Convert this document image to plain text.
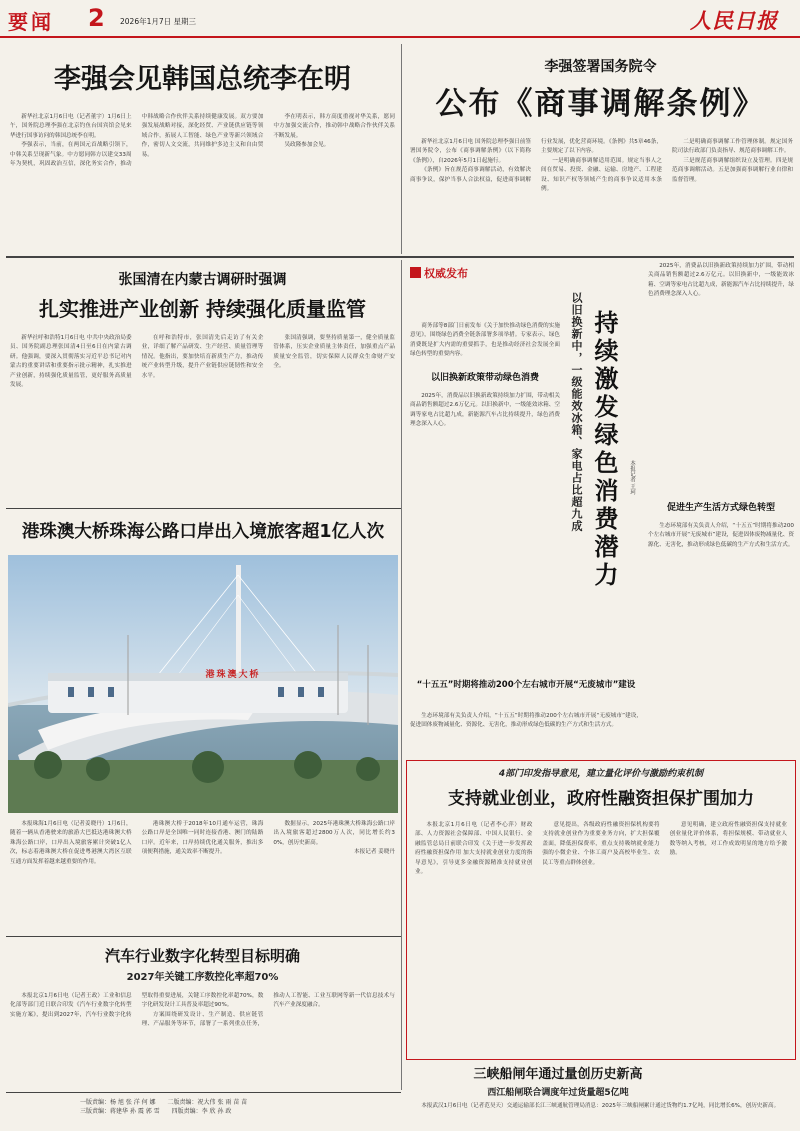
要闻	2	2026年1月7日 星期三	人民日报
李强会见韩国总统李在明

新华社北京1月6日电（记者董宇）1月6日上午，国务院总理李强在北京钓鱼台国宾馆会见来华进行国事访问的韩国总统李在明。

李强表示，当前，在两国元首战略引领下，中韩关系呈现新气象。中方愿同韩方以建交33周年为契机，巩固政治互信，深化务实合作，推动中韩战略合作伙伴关系持续健康发展。双方要加强发展战略对接，深化经贸、产业链供应链等领域合作，拓展人工智能、绿色产业等新兴领域合作，密切人文交流，共同维护多边主义和自由贸易。

李在明表示，韩方高度重视对华关系，愿同中方加强交流合作，推动韩中战略合作伙伴关系不断发展。

吴政隆参加会见。

李强签署国务院令
公布《商事调解条例》

新华社北京1月6日电 国务院总理李强日前签署国务院令，公布《商事调解条例》（以下简称《条例》），自2026年5月1日起施行。

《条例》旨在规范商事调解活动，有效解决商事争议，保护当事人合法权益，促进商事调解行业发展，优化营商环境。《条例》共5章46条，主要规定了以下内容。

一是明确商事调解适用范围。规定当事人之间在贸易、投资、金融、运输、房地产、工程建设、知识产权等领域产生的商事争议适用本条例。

二是明确商事调解工作管理体制。规定国务院司法行政部门负责指导、规范商事调解工作。

三是规范商事调解组织设立及管理。四是规范商事调解活动。五是加强商事调解行业自律和监督管理。

张国清在内蒙古调研时强调
扎实推进产业创新 持续强化质量监管

新华社呼和浩特1月6日电 中共中央政治局委员、国务院副总理张国清4日至6日在内蒙古调研。他强调，要深入贯彻落实习近平总书记对内蒙古的重要讲话和重要指示批示精神，扎实推进产业创新，持续强化质量监管，更好服务高质量发展。

在呼和浩特市，张国清先后走访了有关企业，详细了解产品研发、生产经营、质量管理等情况。他指出，要加快培育新质生产力，推动传统产业转型升级，提升产业链供应链韧性和安全水平。

张国清强调，要坚持质量第一，健全质量监管体系，压实企业质量主体责任，加强重点产品质量安全监管，切实保障人民群众生命财产安全。

港珠澳大桥珠海公路口岸出入境旅客超1亿人次
港珠澳大桥

本报珠海1月6日电（记者姜晓丹）1月6日，随着一辆从香港驶来的旅游大巴抵达港珠澳大桥珠海公路口岸，口岸出入境旅客累计突破1亿人次，标志着港珠澳大桥在促进粤港澳大湾区互联互通方面发挥着越来越重要的作用。

港珠澳大桥于2018年10月通车运营，珠海公路口岸是全国唯一同时连接香港、澳门的陆路口岸。近年来，口岸持续优化通关服务，推出多项便利措施，通关效率不断提升。

数据显示，2025年港珠澳大桥珠海公路口岸出入境旅客超过2800万人次，同比增长约30%，创历史新高。

本报记者 姜晓丹

汽车行业数字化转型目标明确
2027年关键工序数控化率超70%

本报北京1月6日电（记者王政）工业和信息化部等部门近日联合印发《汽车行业数字化转型实施方案》，提出到2027年，汽车行业数字化转型取得重要进展，关键工序数控化率超70%，数字化研发设计工具普及率超过90%。

方案围绕研发设计、生产制造、供应链管理、产品服务等环节，部署了一系列重点任务，推动人工智能、工业互联网等新一代信息技术与汽车产业深度融合。

权威发布
以旧换新中，一级能效冰箱、家电占比超九成 持续激发绿色消费潜力	本报记者 王珂

商务部等8部门日前发布《关于加快推动绿色消费的实施意见》，围绕绿色消费全链条部署多项举措。专家表示，绿色消费既是扩大内需的重要抓手，也是推动经济社会发展全面绿色转型的重要内容。

以旧换新政策带动绿色消费

2025年，消费品以旧换新政策持续加力扩围，带动相关商品销售额超过2.6万亿元。以旧换新中，一级能效冰箱、空调等家电占比超九成，新能源汽车占比持续提升，绿色消费理念深入人心。

“十五五”时期将推动200个左右城市开展“无废城市”建设

生态环境部有关负责人介绍，“十五五”时期将推动200个左右城市开展“无废城市”建设，促进固体废物减量化、资源化、无害化，推动形成绿色低碳的生产方式和生活方式。

2025年，消费品以旧换新政策持续加力扩围，带动相关商品销售额超过2.6万亿元。以旧换新中，一级能效冰箱、空调等家电占比超九成，新能源汽车占比持续提升，绿色消费理念深入人心。

促进生产生活方式绿色转型

生态环境部有关负责人介绍，“十五五”时期将推动200个左右城市开展“无废城市”建设，促进固体废物减量化、资源化、无害化，推动形成绿色低碳的生产方式和生活方式。

4部门印发指导意见，建立量化评价与激励约束机制
支持就业创业，政府性融资担保扩围加力

本报北京1月6日电（记者李心萍）财政部、人力资源社会保障部、中国人民银行、金融监管总局日前联合印发《关于进一步发挥政府性融资担保作用 加大支持就业创业力度的指导意见》，引导更多金融资源精准支持就业创业。

意见提出，各级政府性融资担保机构要将支持就业创业作为重要业务方向，扩大担保覆盖面，降低担保费率，重点支持吸纳就业能力强的小微企业、个体工商户及高校毕业生、农民工等重点群体创业。

意见明确，建立政府性融资担保支持就业创业量化评价体系，将担保规模、带动就业人数等纳入考核，对工作成效明显的地方给予激励。

三峡船闸年通过量创历史新高
西江船闸联合调度年过货量超5亿吨

本报武汉1月6日电（记者范昊天）交通运输部长江三峡通航管理局消息：2025年三峡船闸累计通过货物约1.7亿吨，同比增长6%，创历史新高。

一版责编：杨 旭 张 洋 何 娜 二版责编：祝大伟 张 雨 苗 苗
三版责编：蒋建华 孙 震 郭 雪 四版责编：李 欣 孙 政
